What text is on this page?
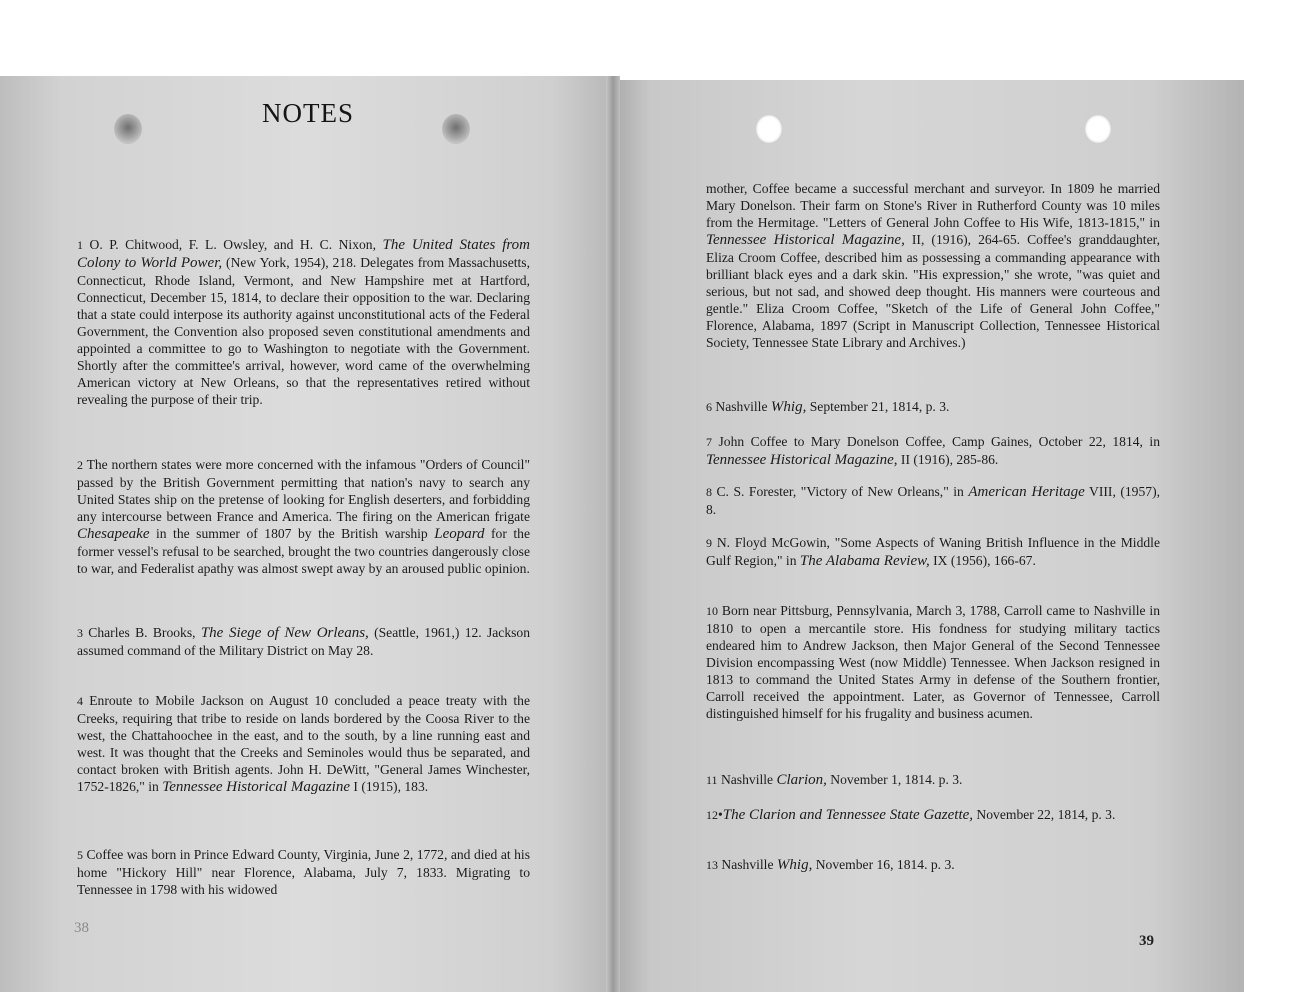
NOTES

1 O. P. Chitwood, F. L. Owsley, and H. C. Nixon, The United States from Colony to World Power, (New York, 1954), 218. Delegates from Massachusetts, Connecticut, Rhode Island, Vermont, and New Hampshire met at Hartford, Connecticut, December 15, 1814, to declare their opposition to the war. Declaring that a state could interpose its authority against unconstitutional acts of the Federal Government, the Convention also proposed seven constitutional amendments and appointed a committee to go to Washington to negotiate with the Government. Shortly after the committee's arrival, however, word came of the overwhelming American victory at New Orleans, so that the representatives retired without revealing the purpose of their trip.

2 The northern states were more concerned with the infamous "Orders of Council" passed by the British Government permitting that nation's navy to search any United States ship on the pretense of looking for English deserters, and forbidding any intercourse between France and America. The firing on the American frigate Chesapeake in the summer of 1807 by the British warship Leopard for the former vessel's refusal to be searched, brought the two countries dangerously close to war, and Federalist apathy was almost swept away by an aroused public opinion.

3 Charles B. Brooks, The Siege of New Orleans, (Seattle, 1961,) 12. Jackson assumed command of the Military District on May 28.

4 Enroute to Mobile Jackson on August 10 concluded a peace treaty with the Creeks, requiring that tribe to reside on lands bordered by the Coosa River to the west, the Chattahoochee in the east, and to the south, by a line running east and west. It was thought that the Creeks and Seminoles would thus be separated, and contact broken with British agents. John H. DeWitt, "General James Winchester, 1752-1826," in Tennessee Historical Magazine I (1915), 183.

5 Coffee was born in Prince Edward County, Virginia, June 2, 1772, and died at his home "Hickory Hill" near Florence, Alabama, July 7, 1833. Migrating to Tennessee in 1798 with his widowed

38

mother, Coffee became a successful merchant and surveyor. In 1809 he married Mary Donelson. Their farm on Stone's River in Rutherford County was 10 miles from the Hermitage. "Letters of General John Coffee to His Wife, 1813-1815," in Tennessee Historical Magazine, II, (1916), 264-65. Coffee's granddaughter, Eliza Croom Coffee, described him as possessing a commanding appearance with brilliant black eyes and a dark skin. "His expression," she wrote, "was quiet and serious, but not sad, and showed deep thought. His manners were courteous and gentle." Eliza Croom Coffee, "Sketch of the Life of General John Coffee," Florence, Alabama, 1897 (Script in Manuscript Collection, Tennessee Historical Society, Tennessee State Library and Archives.)

6 Nashville Whig, September 21, 1814, p. 3.

7 John Coffee to Mary Donelson Coffee, Camp Gaines, October 22, 1814, in Tennessee Historical Magazine, II (1916), 285-86.

8 C. S. Forester, "Victory of New Orleans," in American Heritage VIII, (1957), 8.

9 N. Floyd McGowin, "Some Aspects of Waning British Influence in the Middle Gulf Region," in The Alabama Review, IX (1956), 166-67.

10 Born near Pittsburg, Pennsylvania, March 3, 1788, Carroll came to Nashville in 1810 to open a mercantile store. His fondness for studying military tactics endeared him to Andrew Jackson, then Major General of the Second Tennessee Division encompassing West (now Middle) Tennessee. When Jackson resigned in 1813 to command the United States Army in defense of the Southern frontier, Carroll received the appointment. Later, as Governor of Tennessee, Carroll distinguished himself for his frugality and business acumen.

11 Nashville Clarion, November 1, 1814. p. 3.

12•The Clarion and Tennessee State Gazette, November 22, 1814, p. 3.

13 Nashville Whig, November 16, 1814. p. 3.

39
